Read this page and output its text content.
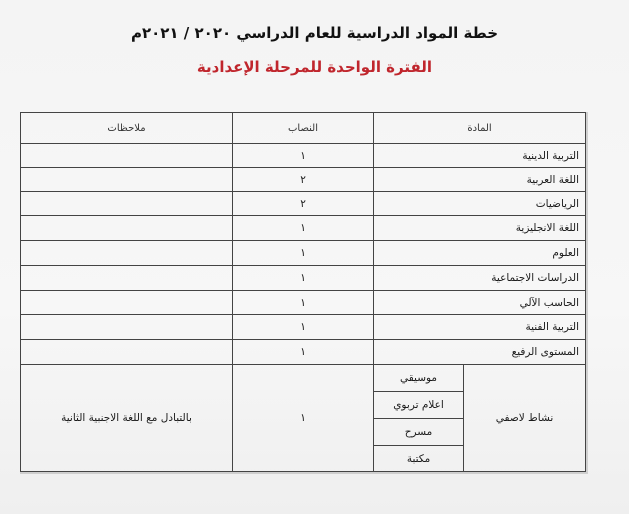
خطة المواد الدراسية للعام الدراسي ٢٠٢٠ / ٢٠٢١م
الفترة الواحدة للمرحلة الإعدادية
المادة
النصاب
ملاحظات
التربية الدينية
١
اللغة العربية
٢
الرياضيات
٢
اللغة الانجليزية
١
العلوم
١
الدراسات الاجتماعية
١
الحاسب الآلي
١
التربية الفنية
١
المستوى الرفيع
١
نشاط لاصفي
موسيقي
اعلام تربوي
مسرح
مكتبة
١
بالتبادل مع اللغة الاجنبية الثانية
